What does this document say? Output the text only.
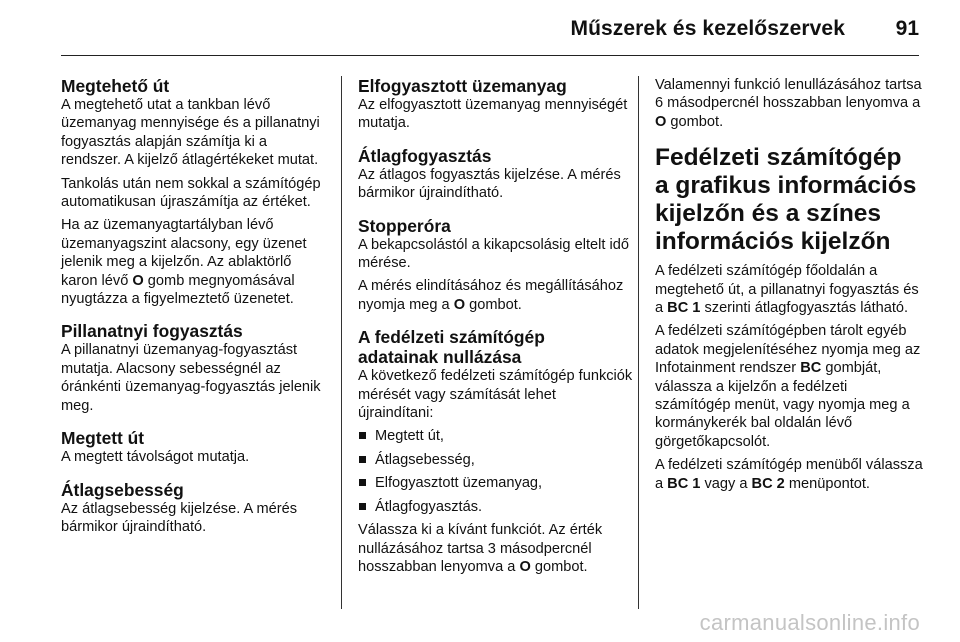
Műszerek és kezelőszervek 91
Megtehető út

A megtehető utat a tankban lévő üzemanyag mennyisége és a pillanatnyi fogyasztás alapján számítja ki a rendszer. A kijelző átlagértékeket mutat.

Tankolás után nem sokkal a számítógép automatikusan újraszámítja az értéket.

Ha az üzemanyagtartályban lévő üzemanyagszint alacsony, egy üzenet jelenik meg a kijelzőn. Az ablaktörlő karon lévő O gomb megnyomásával nyugtázza a figyelmeztető üzenetet.

Pillanatnyi fogyasztás

A pillanatnyi üzemanyag-fogyasztást mutatja. Alacsony sebességnél az óránkénti üzemanyag-fogyasztás jelenik meg.

Megtett út

A megtett távolságot mutatja.

Átlagsebesség

Az átlagsebesség kijelzése. A mérés bármikor újraindítható.

Elfogyasztott üzemanyag

Az elfogyasztott üzemanyag mennyiségét mutatja.

Átlagfogyasztás

Az átlagos fogyasztás kijelzése. A mérés bármikor újraindítható.

Stopperóra

A bekapcsolástól a kikapcsolásig eltelt idő mérése.

A mérés elindításához és megállításához nyomja meg a O gombot.

A fedélzeti számítógép
adatainak nullázása

A következő fedélzeti számítógép funkciók mérését vagy számítását lehet újraindítani:

Megtett út,
Átlagsebesség,
Elfogyasztott üzemanyag,
Átlagfogyasztás.

Válassza ki a kívánt funkciót. Az érték nullázásához tartsa 3 másodpercnél hosszabban lenyomva a O gombot.

Valamennyi funkció lenullázásához tartsa 6 másodpercnél hosszabban lenyomva a O gombot.

Fedélzeti számítógép
a grafikus információs
kijelzőn és a színes
információs kijelzőn

A fedélzeti számítógép főoldalán a megtehető út, a pillanatnyi fogyasztás és a BC 1 szerinti átlagfogyasztás látható.

A fedélzeti számítógépben tárolt egyéb adatok megjelenítéséhez nyomja meg az Infotainment rendszer BC gombját, válassza a kijelzőn a fedélzeti számítógép menüt, vagy nyomja meg a kormánykerék bal oldalán lévő görgetőkapcsolót.

A fedélzeti számítógép menüből válassza a BC 1 vagy a BC 2 menüpontot.

carmanualsonline.info
